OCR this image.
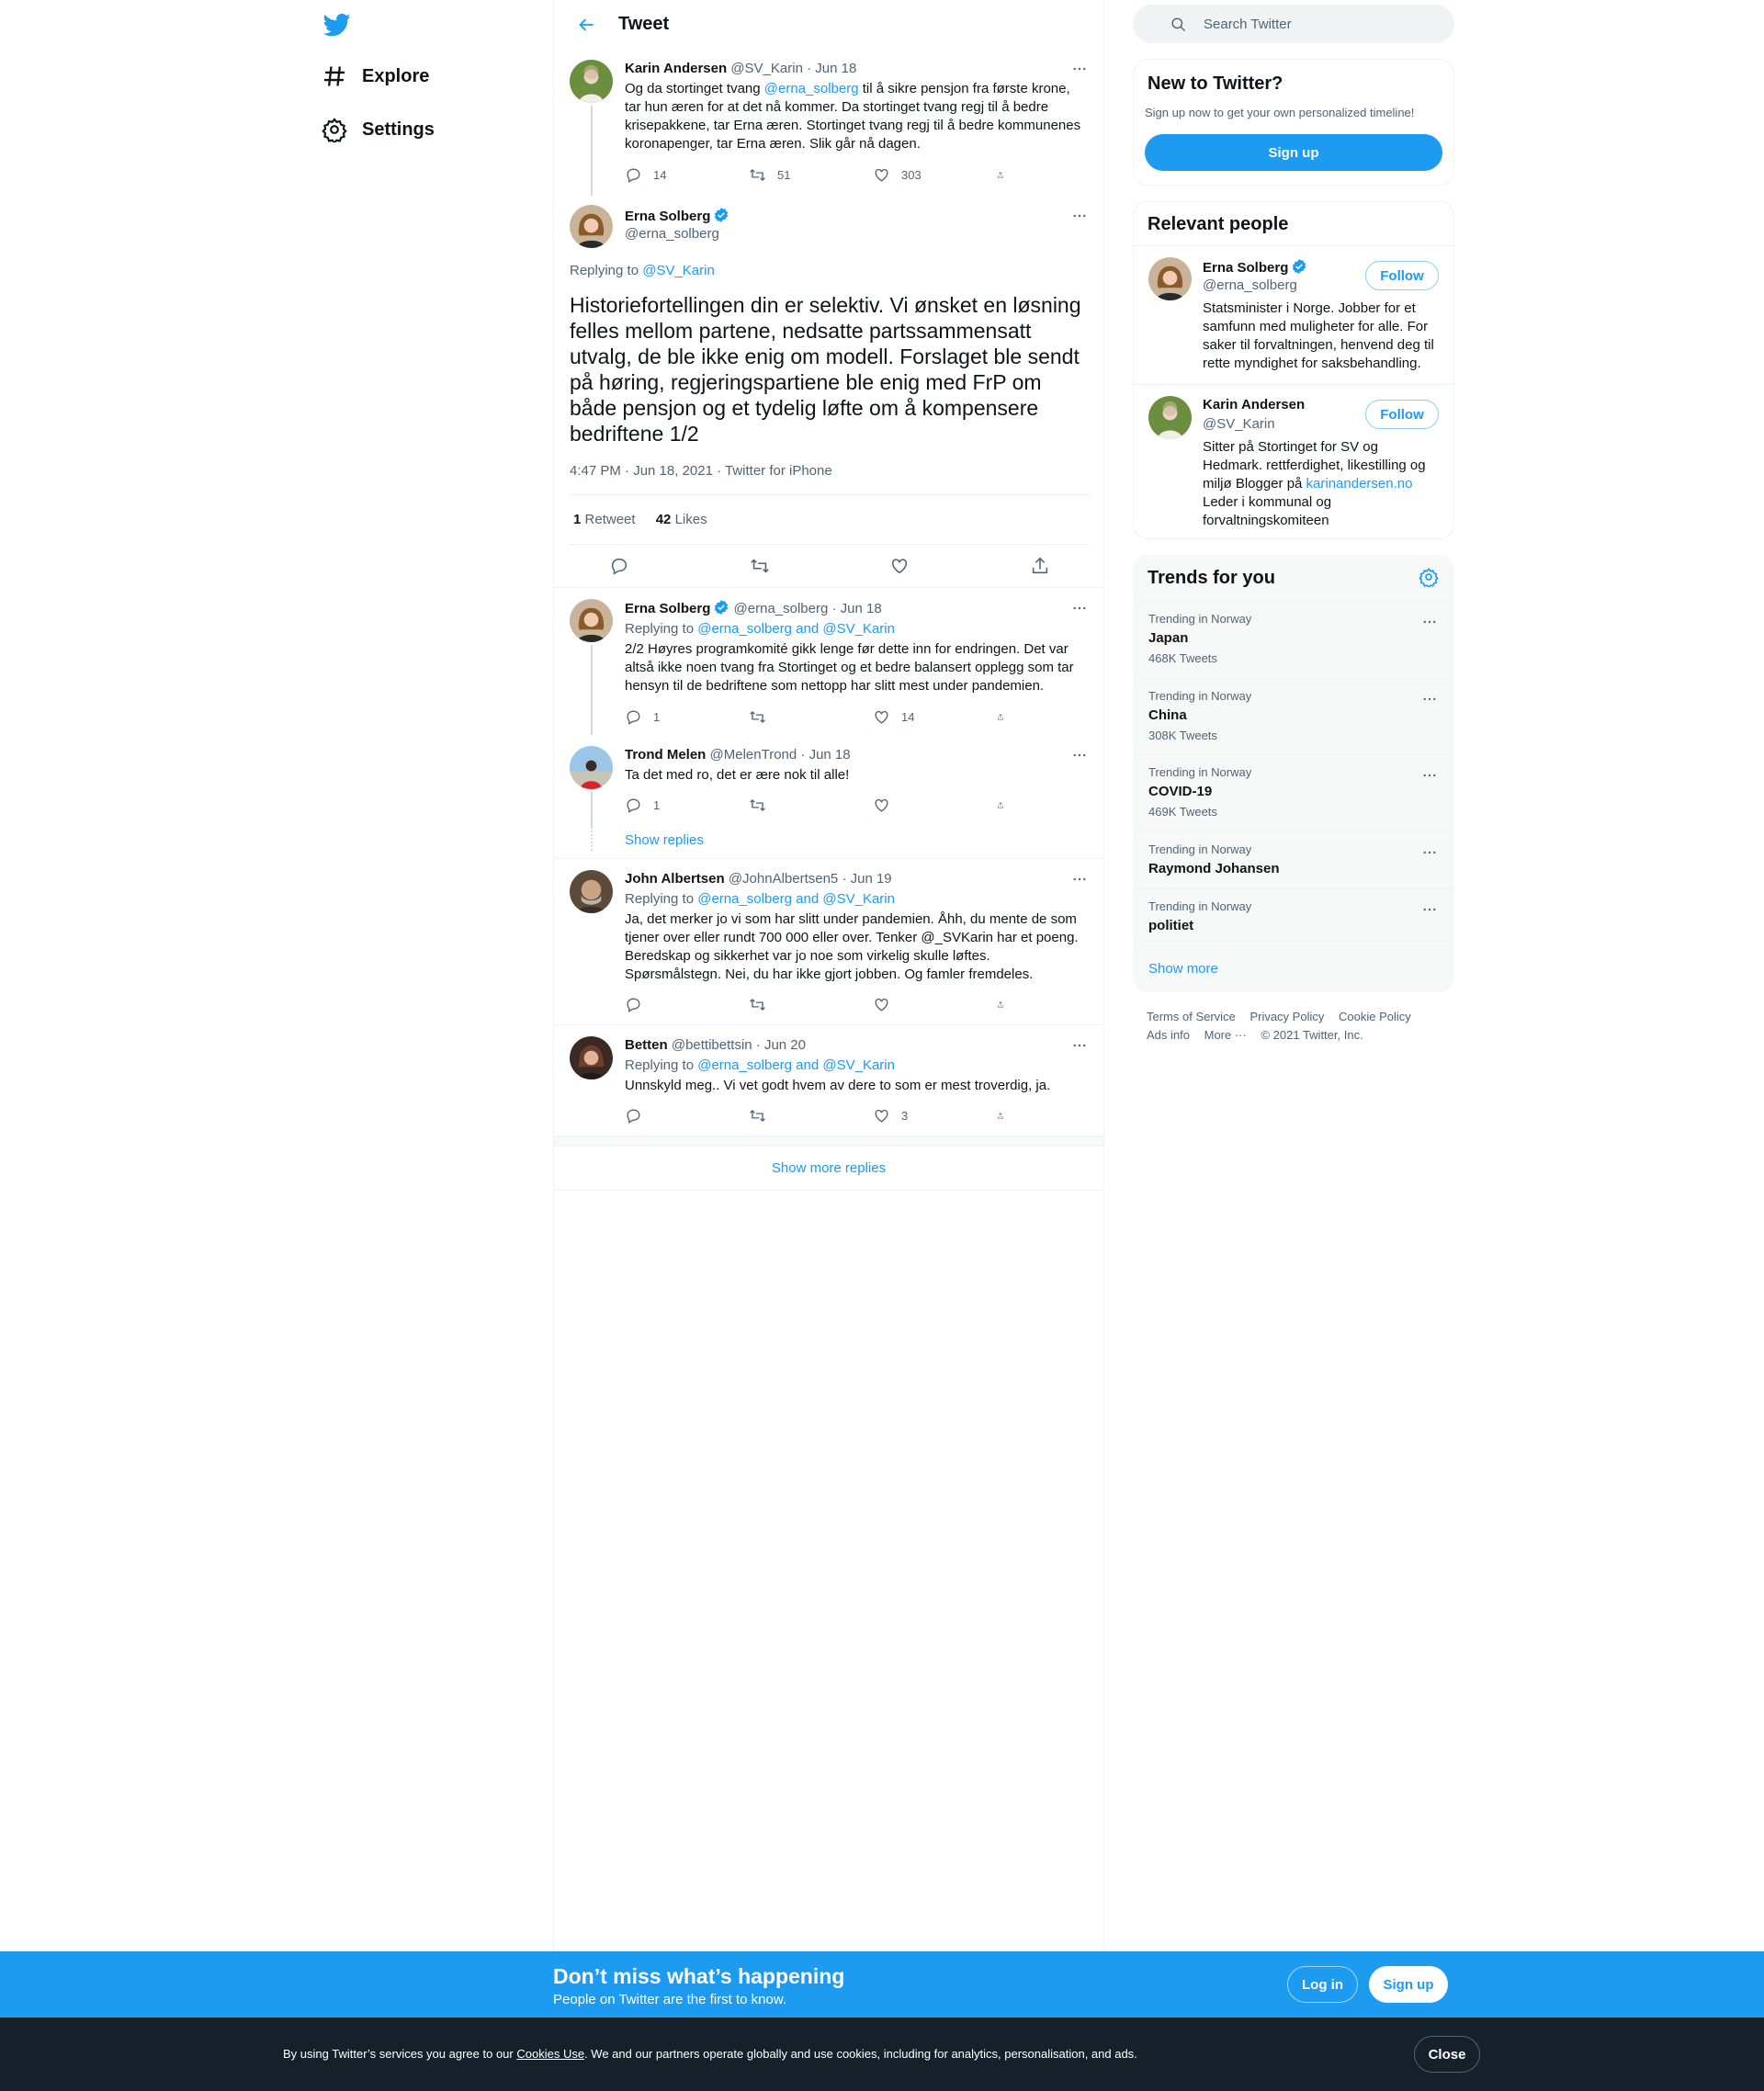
Explore
Settings
Tweet
Karin Andersen @SV_Karin · Jun 18
Og da stortinget tvang @erna_solberg til å sikre pensjon fra første krone, tar hun æren for at det nå kommer. Da stortinget tvang regj til å bedre krisepakkene, tar Erna æren. Stortinget tvang regj til å bedre kommunenes koronapenger, tar Erna æren. Slik går nå dagen.
14	51	303
Erna Solberg
@erna_solberg
Replying to @SV_Karin
Historiefortellingen din er selektiv. Vi ønsket en løsning felles mellom partene, nedsatte partssammensatt utvalg, de ble ikke enig om modell. Forslaget ble sendt på høring, regjeringspartiene ble enig med FrP om både pensjon og et tydelig løfte om å kompensere bedriftene 1/2
4:47 PM · Jun 18, 2021 · Twitter for iPhone
1 Retweet 42 Likes
Erna Solberg @erna_solberg · Jun 18
Replying to @erna_solberg and @SV_Karin
2/2 Høyres programkomité gikk lenge før dette inn for endringen. Det var altså ikke noen tvang fra Stortinget og et bedre balansert opplegg som tar hensyn til de bedriftene som nettopp har slitt mest under pandemien.
1	14
Trond Melen @MelenTrond · Jun 18
Ta det med ro, det er ære nok til alle!
1
Show replies
John Albertsen @JohnAlbertsen5 · Jun 19
Replying to @erna_solberg and @SV_Karin
Ja, det merker jo vi som har slitt under pandemien. Åhh, du mente de som tjener over eller rundt 700 000 eller over. Tenker @_SVKarin har et poeng. Beredskap og sikkerhet var jo noe som virkelig skulle løftes. Spørsmålstegn. Nei, du har ikke gjort jobben. Og famler fremdeles.
Betten @bettibettsin · Jun 20
Replying to @erna_solberg and @SV_Karin
Unnskyld meg.. Vi vet godt hvem av dere to som er mest troverdig, ja.
3
Show more replies
Search Twitter
New to Twitter?
Sign up now to get your own personalized timeline!
Sign up
Relevant people
Erna Solberg
@erna_solberg
Follow
Statsminister i Norge. Jobber for et samfunn med muligheter for alle. For saker til forvaltningen, henvend deg til rette myndighet for saksbehandling.
Karin Andersen
@SV_Karin
Follow
Sitter på Stortinget for SV og Hedmark. rettferdighet, likestilling og miljø Blogger på karinandersen.no Leder i kommunal og forvaltningskomiteen
Trends for you
Trending in Norway
Japan
468K Tweets
Trending in Norway
China
308K Tweets
Trending in Norway
COVID-19
469K Tweets
Trending in Norway
Raymond Johansen
Trending in Norway
politiet
Show more
Terms of Service Privacy Policy Cookie Policy
Ads info More ··· © 2021 Twitter, Inc.
Don’t miss what’s happening
People on Twitter are the first to know.
Log in	Sign up
By using Twitter’s services you agree to our Cookies Use. We and our partners operate globally and use cookies, including for analytics, personalisation, and ads.	Close
